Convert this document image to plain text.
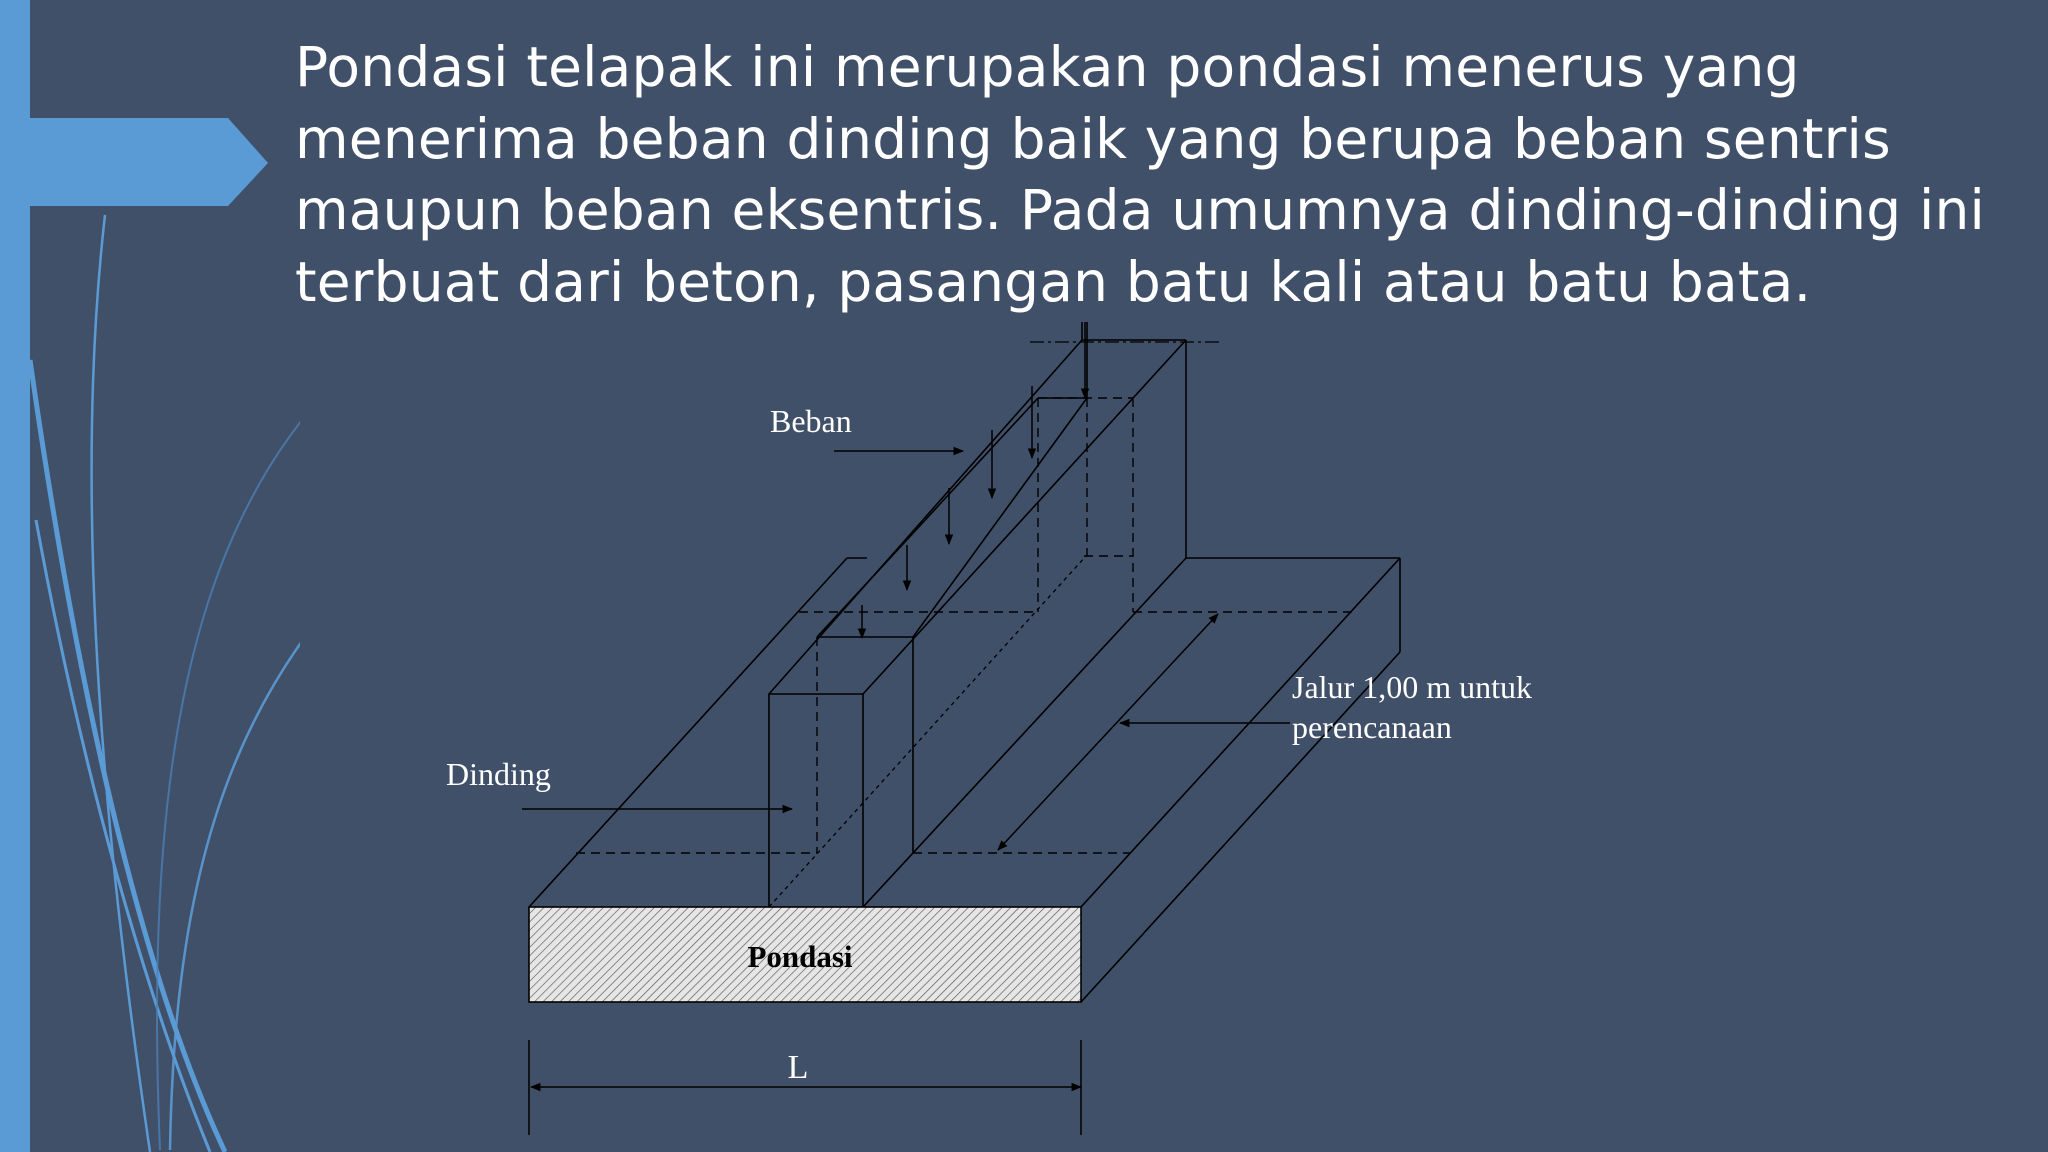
Pondasi telapak ini merupakan pondasi menerus yang menerima beban dinding baik yang berupa beban sentris maupun beban eksentris. Pada umumnya dinding-dinding ini terbuat dari beton, pasangan batu kali atau batu bata.

Beban
Dinding
Jalur 1,00 m untuk
perencanaan
Pondasi
L
